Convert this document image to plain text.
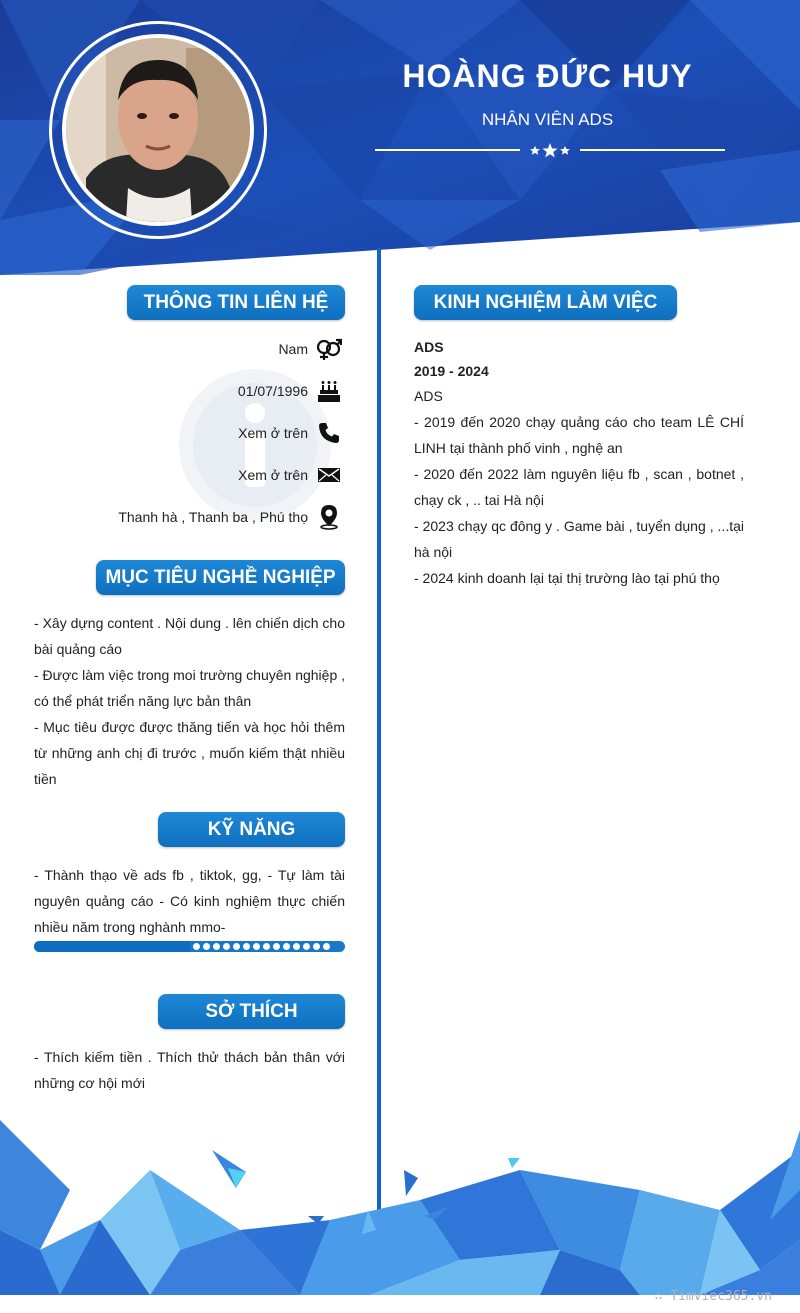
HOÀNG ĐỨC HUY
NHÂN VIÊN ADS
THÔNG TIN LIÊN HỆ
Nam
01/07/1996
Xem ở trên
Xem ở trên
Thanh hà , Thanh ba , Phú thọ
MỤC TIÊU NGHỀ NGHIỆP

- Xây dựng content . Nội dung . lên chiến dịch cho bài quảng cáo

- Được làm việc trong moi trường chuyên nghiệp , có thể phát triển năng lực bản thân

- Mục tiêu được được thăng tiến và học hỏi thêm từ những anh chị đi trước , muốn kiếm thật nhiều tiền

KỸ NĂNG
- Thành thạo về ads fb , tiktok, gg, - Tự làm tài nguyên quảng cáo - Có kinh nghiệm thực chiến nhiều năm trong nghành mmo-
SỞ THÍCH
- Thích kiếm tiền . Thích thử thách bản thân với những cơ hội mới
KINH NGHIỆM LÀM VIỆC
ADS
2019 - 2024
ADS
- 2019 đến 2020 chạy quảng cáo cho team LÊ CHÍ LINH tại thành phố vinh , nghệ an
- 2020 đến 2022 làm nguyên liệu fb , scan , botnet , chạy ck , .. tai Hà nội
- 2023 chạy qc đông y . Game bài , tuyển dụng , ...tại hà nội
- 2024 kinh doanh lại tại thị trường lào tại phú thọ
∴ Timviec365.vn
